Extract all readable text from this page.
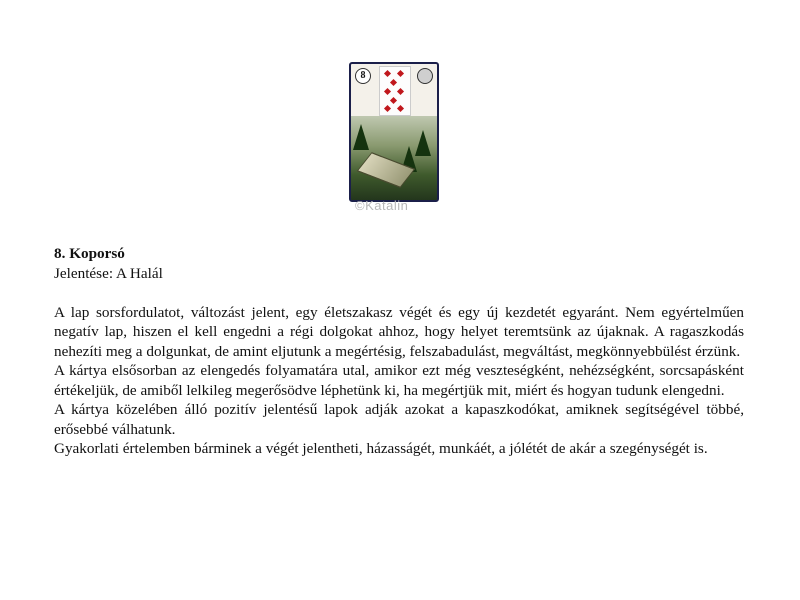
8
©Katalin

8. Koporsó

Jelentése: A Halál

A lap sorsfordulatot, változást jelent, egy életszakasz végét és egy új kezdetét egyaránt. Nem egyértelműen negatív lap, hiszen el kell engedni a régi dolgokat ahhoz, hogy helyet teremtsünk az újaknak. A ragaszkodás nehezíti meg a dolgunkat, de amint eljutunk a megértésig, felszabadulást, megváltást, megkönnyebbülést érzünk.

A kártya elsősorban az elengedés folyamatára utal, amikor ezt még veszteségként, nehézségként, sorcsapásként értékeljük, de amiből lelkileg megerősödve léphetünk ki, ha megértjük mit, miért és hogyan tudunk elengedni.

A kártya közelében álló pozitív jelentésű lapok adják azokat a kapaszkodókat, amiknek segítségével többé, erősebbé válhatunk.

Gyakorlati értelemben bárminek a végét jelentheti, házasságét, munkáét, a jólétét de akár a szegénységét is.
